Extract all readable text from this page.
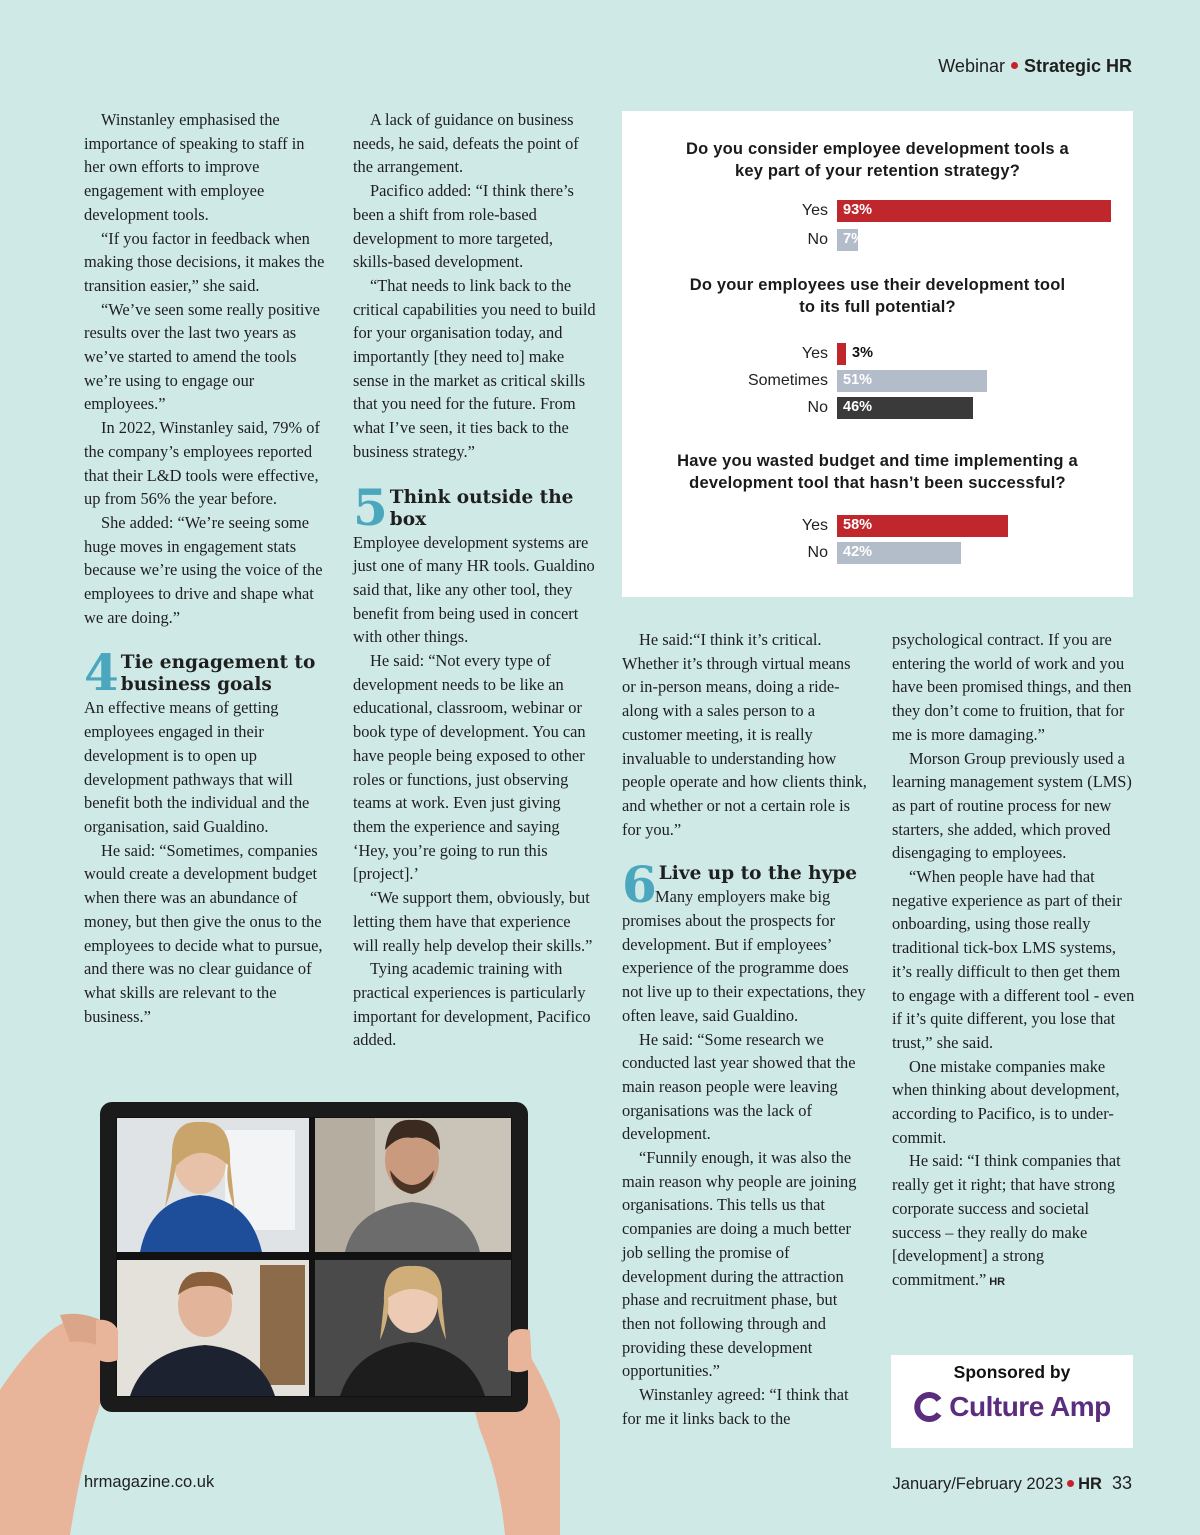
Webinar Strategic HR

Winstanley emphasised the importance of speaking to staff in her own efforts to improve engagement with employee development tools.

“If you factor in feedback when making those decisions, it makes the transition easier,” she said.

“We’ve seen some really positive results over the last two years as we’ve started to amend the tools we’re using to engage our employees.”

In 2022, Winstanley said, 79% of the company’s employees reported that their L&D tools were effective, up from 56% the year before.

She added: “We’re seeing some huge moves in engagement stats because we’re using the voice of the employees to drive and shape what we are doing.”

4 Tie engagement to business goals

An effective means of getting employees engaged in their development is to open up development pathways that will benefit both the individual and the organisation, said Gualdino.

He said: “Sometimes, companies would create a development budget when there was an abundance of money, but then give the onus to the employees to decide what to pursue, and there was no clear guidance of what skills are relevant to the business.”

A lack of guidance on business needs, he said, defeats the point of the arrangement.

Pacifico added: “I think there’s been a shift from role-based development to more targeted, skills-based development.

“That needs to link back to the critical capabilities you need to build for your organisation today, and importantly [they need to] make sense in the market as critical skills that you need for the future. From what I’ve seen, it ties back to the business strategy.”

5 Think outside the box

Employee development systems are just one of many HR tools. Gualdino said that, like any other tool, they benefit from being used in concert with other things.

He said: “Not every type of development needs to be like an educational, classroom, webinar or book type of development. You can have people being exposed to other roles or functions, just observing teams at work. Even just giving them the experience and saying ‘Hey, you’re going to run this [project].’

“We support them, obviously, but letting them have that experience will really help develop their skills.”

Tying academic training with practical experiences is particularly important for development, Pacifico added.

Do you consider employee development tools a key part of your retention strategy?
Yes 93%
No 7%
Do your employees use their development tool to its full potential?
Yes 3%
Sometimes 51%
No 46%
Have you wasted budget and time implementing a development tool that hasn’t been successful?
Yes 58%
No 42%

He said:“I think it’s critical. Whether it’s through virtual means or in-person means, doing a ride-along with a sales person to a customer meeting, it is really invaluable to understanding how people operate and how clients think, and whether or not a certain role is for you.”

6 Live up to the hype

Many employers make big promises about the prospects for development. But if employees’ experience of the programme does not live up to their expectations, they often leave, said Gualdino.

He said: “Some research we conducted last year showed that the main reason people were leaving organisations was the lack of development.

“Funnily enough, it was also the main reason why people are joining organisations. This tells us that companies are doing a much better job selling the promise of development during the attraction phase and recruitment phase, but then not following through and providing these development opportunities.”

Winstanley agreed: “I think that for me it links back to the

psychological contract. If you are entering the world of work and you have been promised things, and then they don’t come to fruition, that for me is more damaging.”

Morson Group previously used a learning management system (LMS) as part of routine process for new starters, she added, which proved disengaging to employees.

“When people have had that negative experience as part of their onboarding, using those really traditional tick-box LMS systems, it’s really difficult to then get them to engage with a different tool - even if it’s quite different, you lose that trust,” she said.

One mistake companies make when thinking about development, according to Pacifico, is to under-commit.

He said: “I think companies that really get it right; that have strong corporate success and societal success – they really do make [development] a strong commitment.” HR

Sponsored by
Culture Amp
hrmagazine.co.uk	January/February 2023 HR 33
